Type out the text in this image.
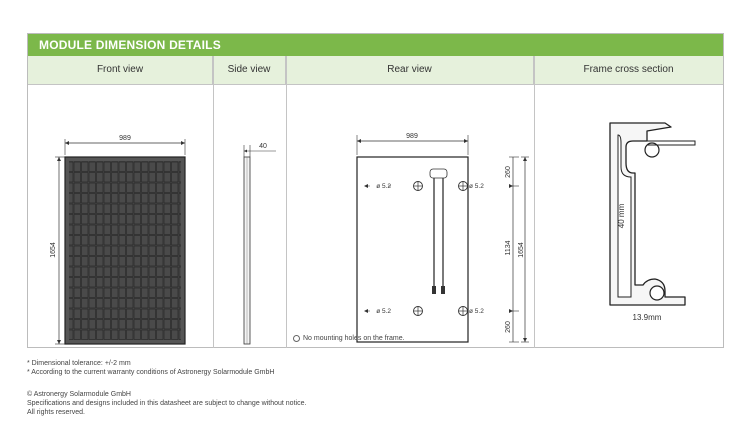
MODULE DIMENSION DETAILS
Front view	Side view	Rear view	Frame cross section
989
1654
40
989
ø 5.2	ø 5.2
ø 5.2	ø 5.2
260
1134
260
1654
No mounting holes on the frame.
40 mm
13.9mm
* Dimensional tolerance: +/-2 mm
* According to the current warranty conditions of Astronergy Solarmodule GmbH
© Astronergy Solarmodule GmbH
Specifications and designs included in this datasheet are subject to change without notice.
All rights reserved.
